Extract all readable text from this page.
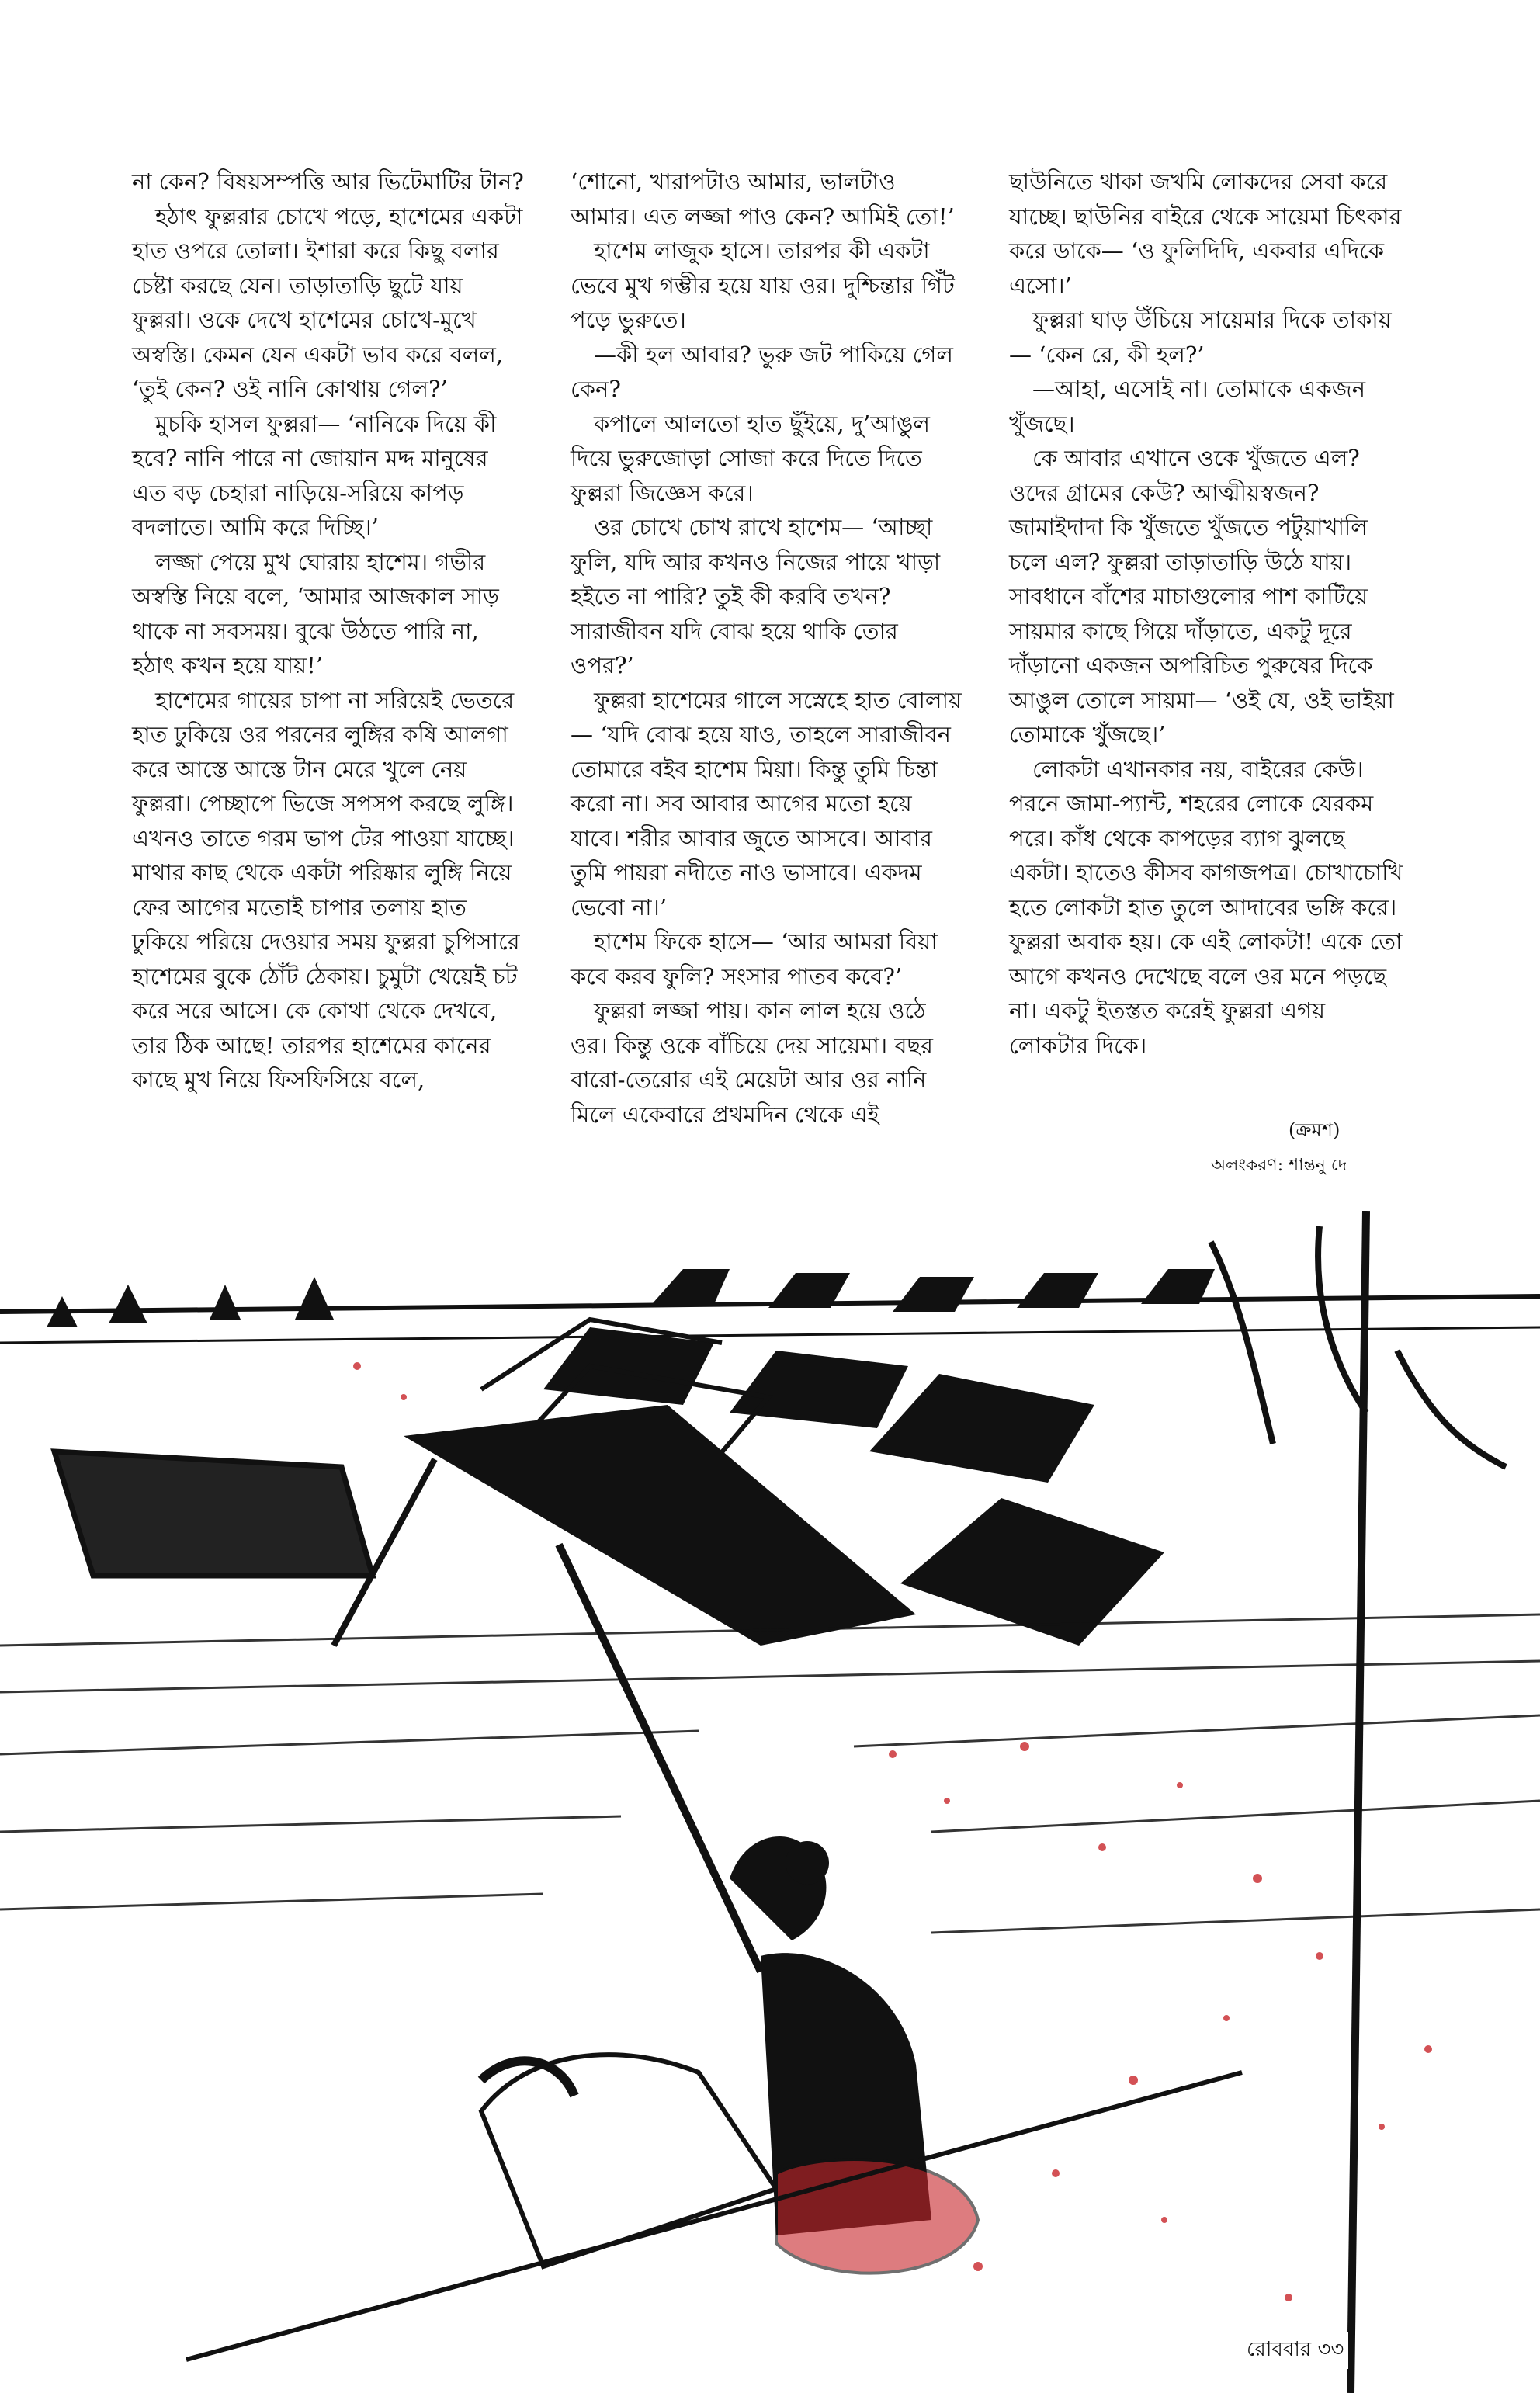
না কেন? বিষয়সম্পত্তি আর ভিটেমাটির টান?

হঠাৎ ফুল্লরার চোখে পড়ে, হাশেমের একটা হাত ওপরে তোলা। ইশারা করে কিছু বলার চেষ্টা করছে যেন। তাড়াতাড়ি ছুটে যায় ফুল্লরা। ওকে দেখে হাশেমের চোখে-মুখে অস্বস্তি। কেমন যেন একটা ভাব করে বলল, ‘তুই কেন? ওই নানি কোথায় গেল?’

মুচকি হাসল ফুল্লরা— ‘নানিকে দিয়ে কী হবে? নানি পারে না জোয়ান মদ্দ মানুষের এত বড় চেহারা নাড়িয়ে-সরিয়ে কাপড় বদলাতে। আমি করে দিচ্ছি।’

লজ্জা পেয়ে মুখ ঘোরায় হাশেম। গভীর অস্বস্তি নিয়ে বলে, ‘আমার আজকাল সাড় থাকে না সবসময়। বুঝে উঠতে পারি না, হঠাৎ কখন হয়ে যায়!’

হাশেমের গায়ের চাপা না সরিয়েই ভেতরে হাত ঢুকিয়ে ওর পরনের লুঙ্গির কষি আলগা করে আস্তে আস্তে টান মেরে খুলে নেয় ফুল্লরা। পেচ্ছাপে ভিজে সপসপ করছে লুঙ্গি। এখনও তাতে গরম ভাপ টের পাওয়া যাচ্ছে। মাথার কাছ থেকে একটা পরিষ্কার লুঙ্গি নিয়ে ফের আগের মতোই চাপার তলায় হাত ঢুকিয়ে পরিয়ে দেওয়ার সময় ফুল্লরা চুপিসারে হাশেমের বুকে ঠোঁট ঠেকায়। চুমুটা খেয়েই চট করে সরে আসে। কে কোথা থেকে দেখবে, তার ঠিক আছে! তারপর হাশেমের কানের কাছে মুখ নিয়ে ফিসফিসিয়ে বলে,

‘শোনো, খারাপটাও আমার, ভালটাও আমার। এত লজ্জা পাও কেন? আমিই তো!’

হাশেম লাজুক হাসে। তারপর কী একটা ভেবে মুখ গম্ভীর হয়ে যায় ওর। দুশ্চিন্তার গিঁট পড়ে ভুরুতে।

—কী হল আবার? ভুরু জট পাকিয়ে গেল কেন?

কপালে আলতো হাত ছুঁইয়ে, দু’আঙুল দিয়ে ভুরুজোড়া সোজা করে দিতে দিতে ফুল্লরা জিজ্ঞেস করে।

ওর চোখে চোখ রাখে হাশেম— ‘আচ্ছা ফুলি, যদি আর কখনও নিজের পায়ে খাড়া হইতে না পারি? তুই কী করবি তখন? সারাজীবন যদি বোঝ হয়ে থাকি তোর ওপর?’

ফুল্লরা হাশেমের গালে সস্নেহে হাত বোলায়— ‘যদি বোঝ হয়ে যাও, তাহলে সারাজীবন তোমারে বইব হাশেম মিয়া। কিন্তু তুমি চিন্তা করো না। সব আবার আগের মতো হয়ে যাবে। শরীর আবার জুতে আসবে। আবার তুমি পায়রা নদীতে নাও ভাসাবে। একদম ভেবো না।’

হাশেম ফিকে হাসে— ‘আর আমরা বিয়া কবে করব ফুলি? সংসার পাতব কবে?’

ফুল্লরা লজ্জা পায়। কান লাল হয়ে ওঠে ওর। কিন্তু ওকে বাঁচিয়ে দেয় সায়েমা। বছর বারো-তেরোর এই মেয়েটা আর ওর নানি মিলে একেবারে প্রথমদিন থেকে এই

ছাউনিতে থাকা জখমি লোকদের সেবা করে যাচ্ছে। ছাউনির বাইরে থেকে সায়েমা চিৎকার করে ডাকে— ‘ও ফুলিদিদি, একবার এদিকে এসো।’

ফুল্লরা ঘাড় উঁচিয়ে সায়েমার দিকে তাকায়— ‘কেন রে, কী হল?’

—আহা, এসোই না। তোমাকে একজন খুঁজছে।

কে আবার এখানে ওকে খুঁজতে এল? ওদের গ্রামের কেউ? আত্মীয়স্বজন? জামাইদাদা কি খুঁজতে খুঁজতে পটুয়াখালি চলে এল? ফুল্লরা তাড়াতাড়ি উঠে যায়। সাবধানে বাঁশের মাচাগুলোর পাশ কাটিয়ে সায়মার কাছে গিয়ে দাঁড়াতে, একটু দূরে দাঁড়ানো একজন অপরিচিত পুরুষের দিকে আঙুল তোলে সায়মা— ‘ওই যে, ওই ভাইয়া তোমাকে খুঁজছে।’

লোকটা এখানকার নয়, বাইরের কেউ। পরনে জামা-প্যান্ট, শহরের লোকে যেরকম পরে। কাঁধ থেকে কাপড়ের ব্যাগ ঝুলছে একটা। হাতেও কীসব কাগজপত্র। চোখাচোখি হতে লোকটা হাত তুলে আদাবের ভঙ্গি করে। ফুল্লরা অবাক হয়। কে এই লোকটা! একে তো আগে কখনও দেখেছে বলে ওর মনে পড়ছে না। একটু ইতস্তত করেই ফুল্লরা এগয় লোকটার দিকে।

(ক্রমশ)
অলংকরণ: শান্তনু দে
রোববার ৩৩
